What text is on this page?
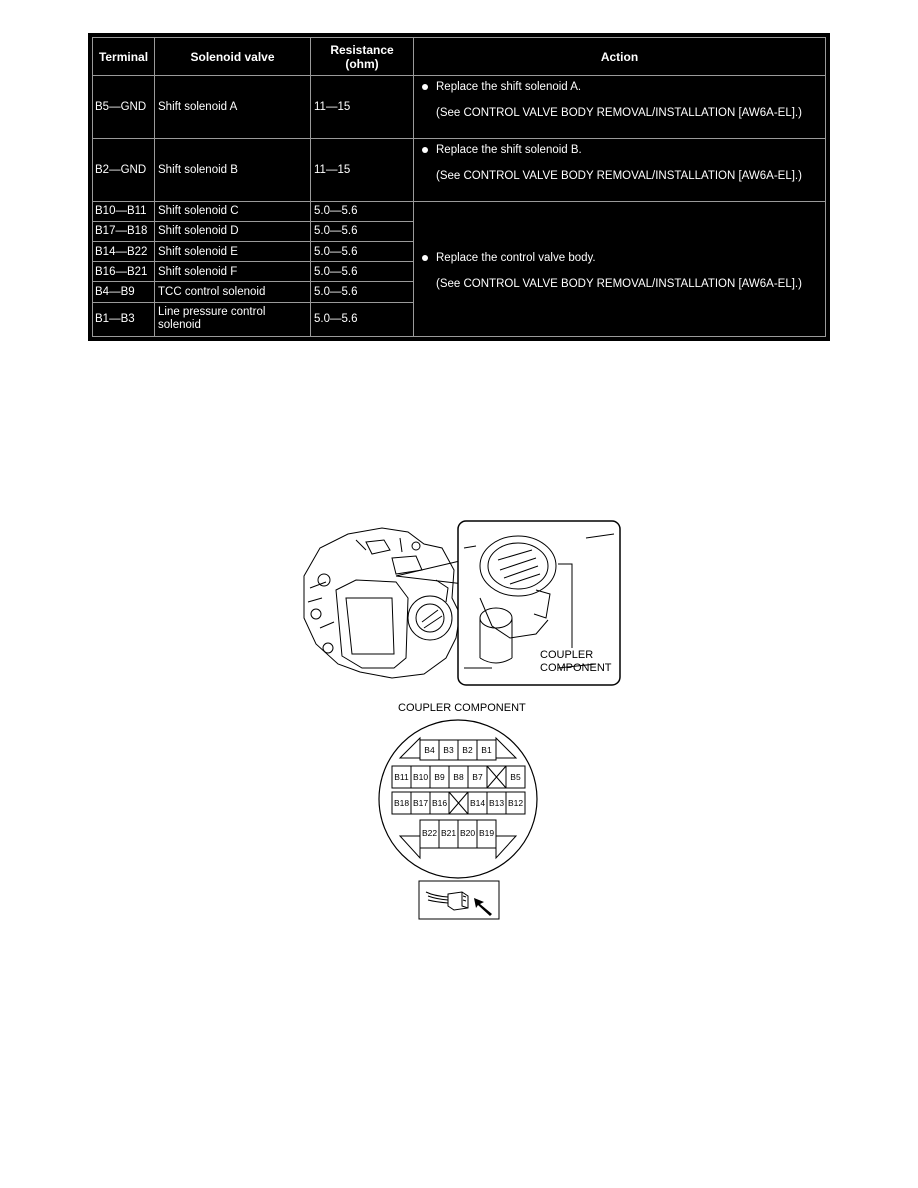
Terminal	Solenoid valve	Resistance (ohm)	Action
B5—GND	Shift solenoid A	11—15	Replace the shift solenoid A.
(See CONTROL VALVE BODY REMOVAL/INSTALLATION [AW6A-EL].)

B2—GND	Shift solenoid B	11—15	Replace the shift solenoid B.
(See CONTROL VALVE BODY REMOVAL/INSTALLATION [AW6A-EL].)

B10—B11	Shift solenoid C	5.0—5.6	Replace the control valve body.
(See CONTROL VALVE BODY REMOVAL/INSTALLATION [AW6A-EL].)

B17—B18	Shift solenoid D	5.0—5.6	
B14—B22	Shift solenoid E	5.0—5.6	
B16—B21	Shift solenoid F	5.0—5.6	
B4—B9	TCC control solenoid	5.0—5.6	
B1—B3	Line pressure control solenoid	5.0—5.6	
COUPLER
COMPONENT
COUPLER COMPONENT
B4 B3 B2 B1
B11 B10 B9 B8 B7	B5
B18 B17 B16	B14 B13 B12
B22 B21 B20 B19
